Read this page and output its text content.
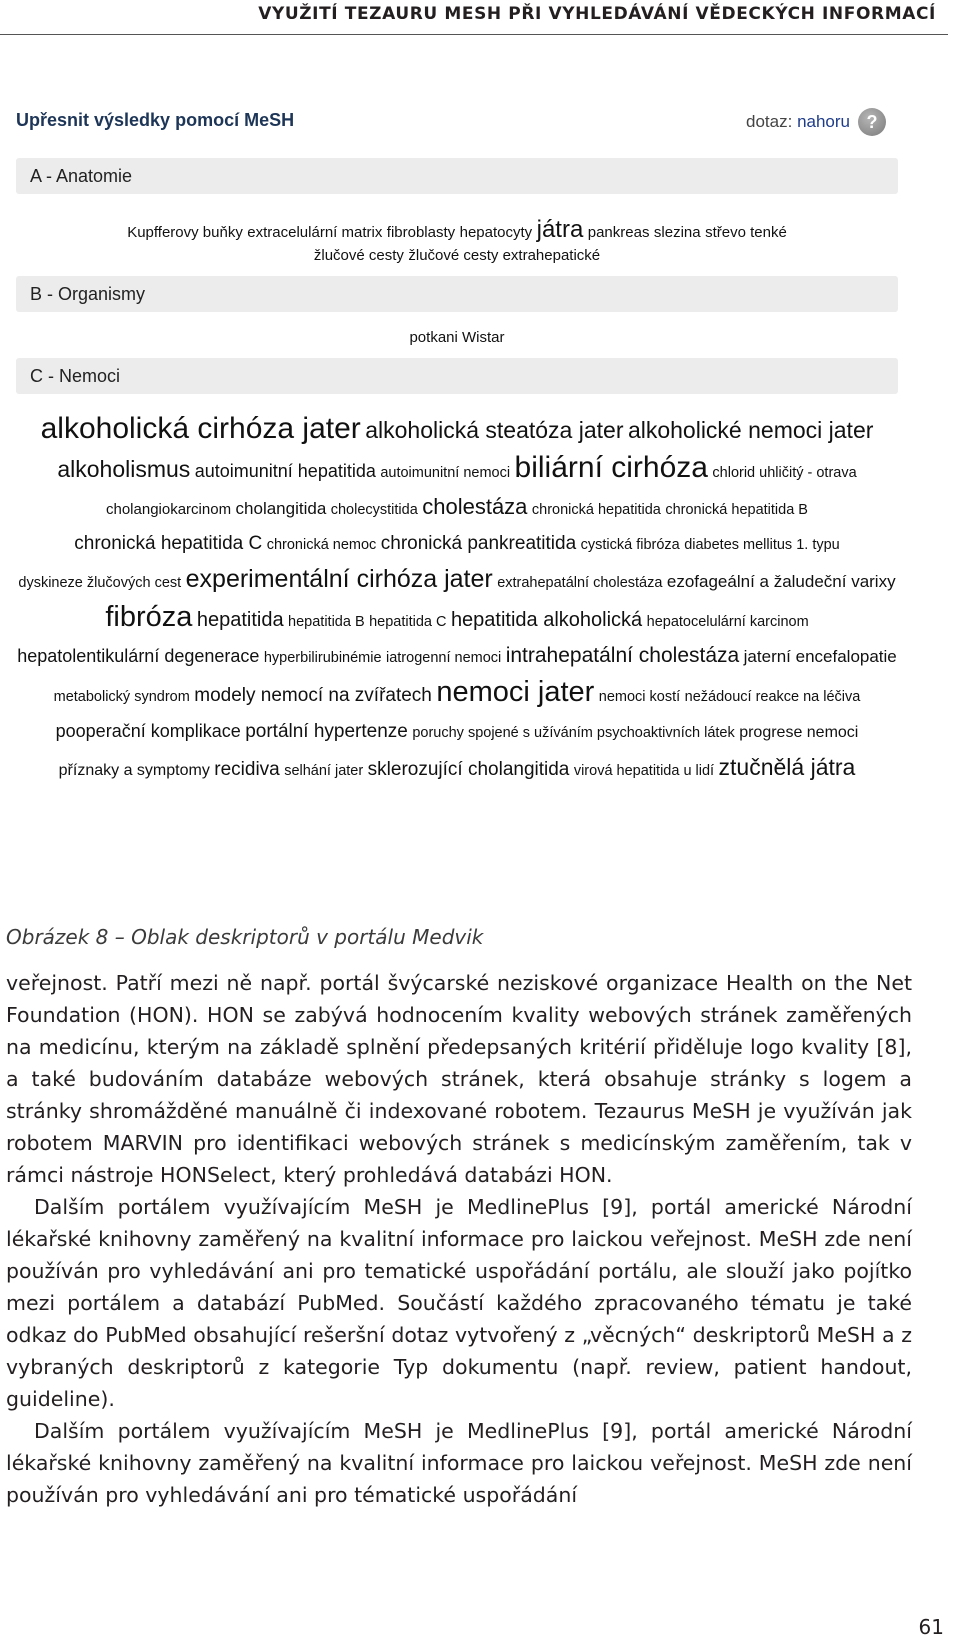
VYUŽITÍ TEZAURU MESH PŘI VYHLEDÁVÁNÍ VĚDECKÝCH INFORMACÍ
Upřesnit výsledky pomocí MeSH	dotaz: nahoru ?
A - Anatomie
Kupfferovy buňky extracelulární matrix fibroblasty hepatocyty játra pankreas slezina střevo tenké
žlučové cesty žlučové cesty extrahepatické
B - Organismy
potkani Wistar
C - Nemoci
alkoholická cirhóza jater alkoholická steatóza jater alkoholické nemoci jater alkoholismus autoimunitní hepatitida autoimunitní nemoci biliární cirhóza chlorid uhličitý - otrava cholangiokarcinom cholangitida cholecystitida cholestáza chronická hepatitida chronická hepatitida B chronická hepatitida C chronická nemoc chronická pankreatitida cystická fibróza diabetes mellitus 1. typu dyskineze žlučových cest experimentální cirhóza jater extrahepatální cholestáza ezofageální a žaludeční varixy fibróza hepatitida hepatitida B hepatitida C hepatitida alkoholická hepatocelulární karcinom hepatolentikulární degenerace hyperbilirubinémie iatrogenní nemoci intrahepatální cholestáza jaterní encefalopatie metabolický syndrom modely nemocí na zvířatech nemoci jater nemoci kostí nežádoucí reakce na léčiva pooperační komplikace portální hypertenze poruchy spojené s užíváním psychoaktivních látek progrese nemoci příznaky a symptomy recidiva selhání jater sklerozující cholangitida virová hepatitida u lidí ztučnělá játra
Obrázek 8 – Oblak deskriptorů v portálu Medvik

veřejnost. Patří mezi ně např. portál švýcarské neziskové organizace Health on the Net Foundation (HON). HON se zabývá hodnocením kvality webových stránek zaměřených na medicínu, kterým na základě splnění předepsaných kritérií přiděluje logo kvality [8], a také budováním databáze webových stránek, která obsahuje stránky s logem a stránky shromážděné manuálně či indexované robotem. Tezaurus MeSH je využíván jak robotem MARVIN pro identifikaci webových stránek s medicínským zaměřením, tak v rámci nástroje HONSelect, který prohledává databázi HON.

Dalším portálem využívajícím MeSH je MedlinePlus [9], portál americké Národní lékařské knihovny zaměřený na kvalitní informace pro laickou veřejnost. MeSH zde není používán pro vyhledávání ani pro tematické uspořádání portálu, ale slouží jako pojítko mezi portálem a databází PubMed. Součástí každého zpracovaného tématu je také odkaz do PubMed obsahující rešeršní dotaz vytvořený z „věcných“ deskriptorů MeSH a z vybraných deskriptorů z kategorie Typ dokumentu (např. review, patient handout, guideline).

Dalším portálem využívajícím MeSH je MedlinePlus [9], portál americké Národní lékařské knihovny zaměřený na kvalitní informace pro laickou veřejnost. MeSH zde není používán pro vyhledávání ani pro tématické uspořádání

61
